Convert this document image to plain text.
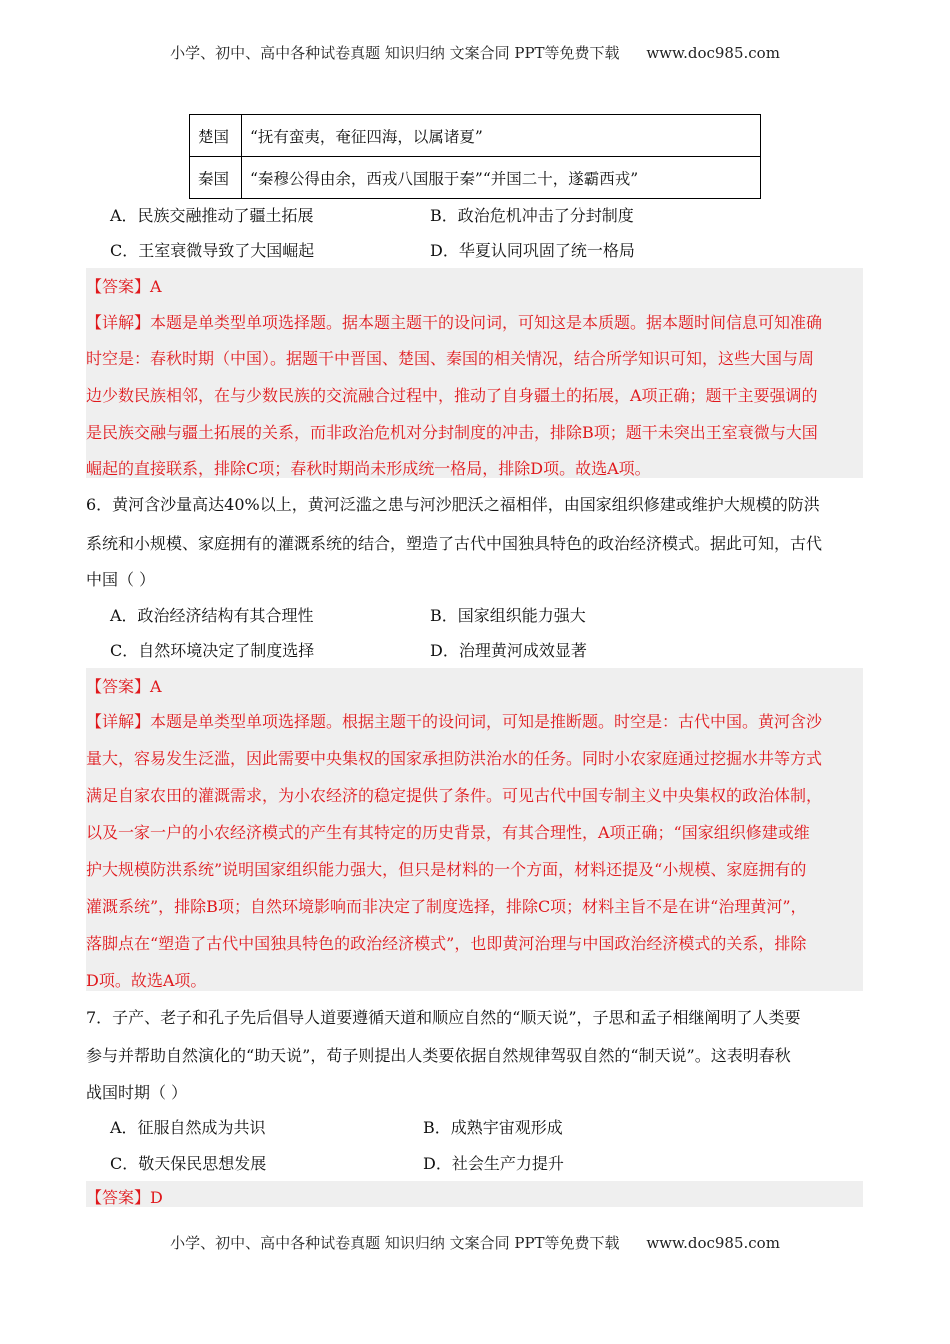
小学、初中、高中各种试卷真题 知识归纳 文案合同 PPT等免费下载 www.doc985.com
楚国	“抚有蛮夷，奄征四海，以属诸夏”
秦国	“秦穆公得由余，西戎八国服于秦”“并国二十，遂霸西戎”
A．民族交融推动了疆土拓展	B．政治危机冲击了分封制度
C．王室衰微导致了大国崛起	D．华夏认同巩固了统一格局
【答案】A
【详解】本题是单类型单项选择题。据本题主题干的设问词，可知这是本质题。据本题时间信息可知准确
时空是：春秋时期（中国）。据题干中晋国、楚国、秦国的相关情况，结合所学知识可知，这些大国与周
边少数民族相邻，在与少数民族的交流融合过程中，推动了自身疆土的拓展，A项正确；题干主要强调的
是民族交融与疆土拓展的关系，而非政治危机对分封制度的冲击，排除B项；题干未突出王室衰微与大国
崛起的直接联系，排除C项；春秋时期尚未形成统一格局，排除D项。故选A项。
6．黄河含沙量高达40%以上，黄河泛滥之患与河沙肥沃之福相伴，由国家组织修建或维护大规模的防洪
系统和小规模、家庭拥有的灌溉系统的结合，塑造了古代中国独具特色的政治经济模式。据此可知，古代
中国（ ）
A．政治经济结构有其合理性	B．国家组织能力强大
C．自然环境决定了制度选择	D．治理黄河成效显著
【答案】A
【详解】本题是单类型单项选择题。根据主题干的设问词，可知是推断题。时空是：古代中国。黄河含沙
量大，容易发生泛滥，因此需要中央集权的国家承担防洪治水的任务。同时小农家庭通过挖掘水井等方式
满足自家农田的灌溉需求，为小农经济的稳定提供了条件。可见古代中国专制主义中央集权的政治体制，
以及一家一户的小农经济模式的产生有其特定的历史背景，有其合理性，A项正确；“国家组织修建或维
护大规模防洪系统”说明国家组织能力强大，但只是材料的一个方面，材料还提及“小规模、家庭拥有的
灌溉系统”，排除B项；自然环境影响而非决定了制度选择，排除C项；材料主旨不是在讲“治理黄河”，
落脚点在“塑造了古代中国独具特色的政治经济模式”，也即黄河治理与中国政治经济模式的关系，排除
D项。故选A项。
7．子产、老子和孔子先后倡导人道要遵循天道和顺应自然的“顺天说”，子思和孟子相继阐明了人类要
参与并帮助自然演化的“助天说”，荀子则提出人类要依据自然规律驾驭自然的“制天说”。这表明春秋
战国时期（ ）
A．征服自然成为共识	B．成熟宇宙观形成
C．敬天保民思想发展	D．社会生产力提升
【答案】D
小学、初中、高中各种试卷真题 知识归纳 文案合同 PPT等免费下载 www.doc985.com
